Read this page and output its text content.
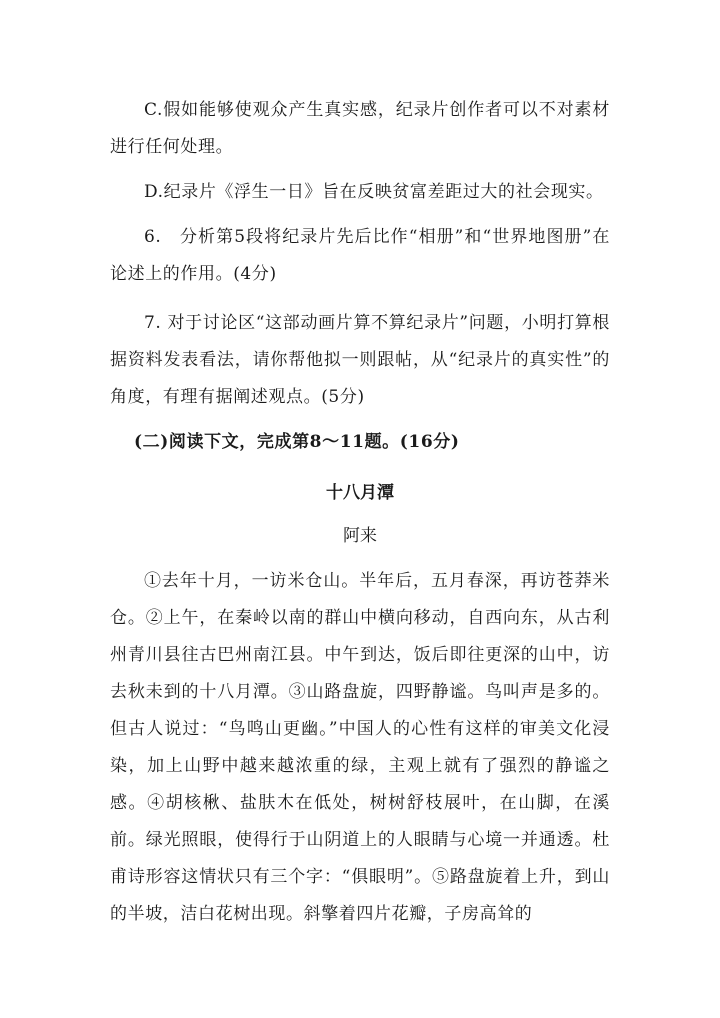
C.假如能够使观众产生真实感，纪录片创作者可以不对素材进行任何处理。

D.纪录片《浮生一日》旨在反映贫富差距过大的社会现实。

6.　分析第5段将纪录片先后比作“相册”和“世界地图册”在论述上的作用。(4分)

7. 对于讨论区“这部动画片算不算纪录片”问题，小明打算根据资料发表看法，请你帮他拟一则跟帖，从“纪录片的真实性”的角度，有理有据阐述观点。(5分)

(二)阅读下文，完成第8～11题。(16分)

十八月潭

阿来

①去年十月，一访米仓山。半年后，五月春深，再访苍莽米仓。②上午，在秦岭以南的群山中横向移动，自西向东，从古利州青川县往古巴州南江县。中午到达，饭后即往更深的山中，访去秋未到的十八月潭。③山路盘旋，四野静谧。鸟叫声是多的。但古人说过：“鸟鸣山更幽。”中国人的心性有这样的审美文化浸染，加上山野中越来越浓重的绿，主观上就有了强烈的静谧之感。④胡核楸、盐肤木在低处，树树舒枝展叶，在山脚，在溪前。绿光照眼，使得行于山阴道上的人眼睛与心境一并通透。杜甫诗形容这情状只有三个字：“俱眼明”。⑤路盘旋着上升，到山的半坡，洁白花树出现。斜擎着四片花瓣，子房高耸的
